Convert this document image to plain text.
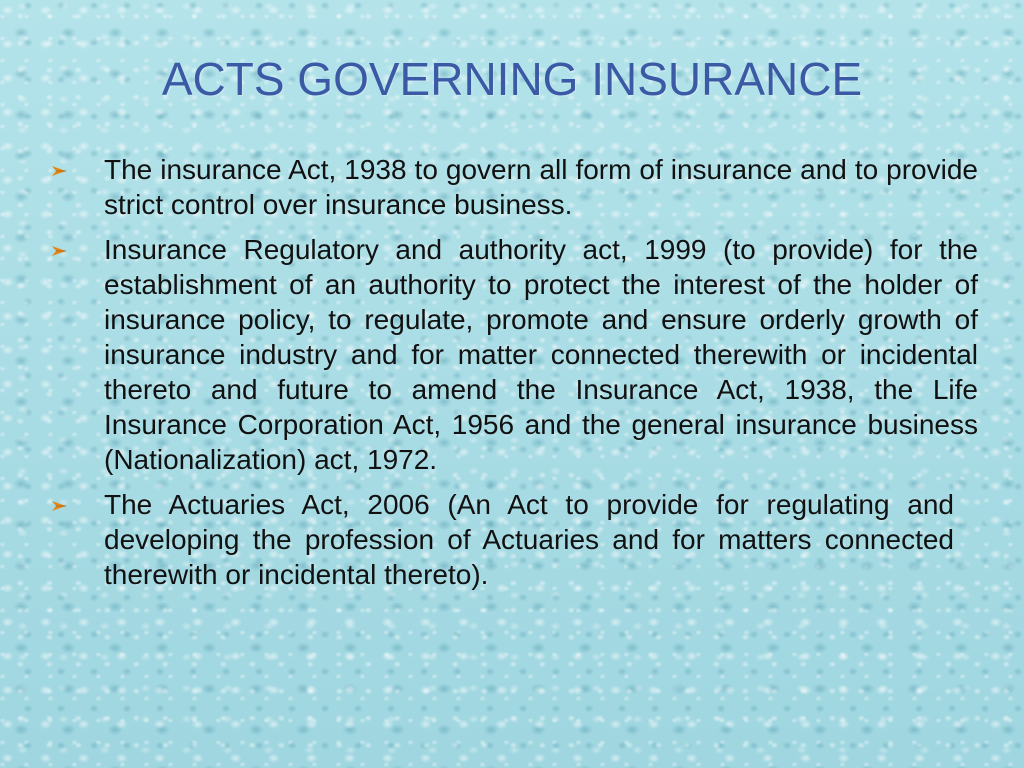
ACTS GOVERNING INSURANCE
The insurance Act, 1938 to govern all form of insurance and to provide strict control over insurance business.
Insurance Regulatory and authority act, 1999 (to provide) for the establishment of an authority to protect the interest of the holder of insurance policy, to regulate, promote and ensure orderly growth of insurance industry and for matter connected therewith or incidental thereto and future to amend the Insurance Act, 1938, the Life Insurance Corporation Act, 1956 and the general insurance business (Nationalization) act, 1972.
The Actuaries Act, 2006 (An Act to provide for regulating and developing the profession of Actuaries and for matters connected therewith or incidental thereto).
